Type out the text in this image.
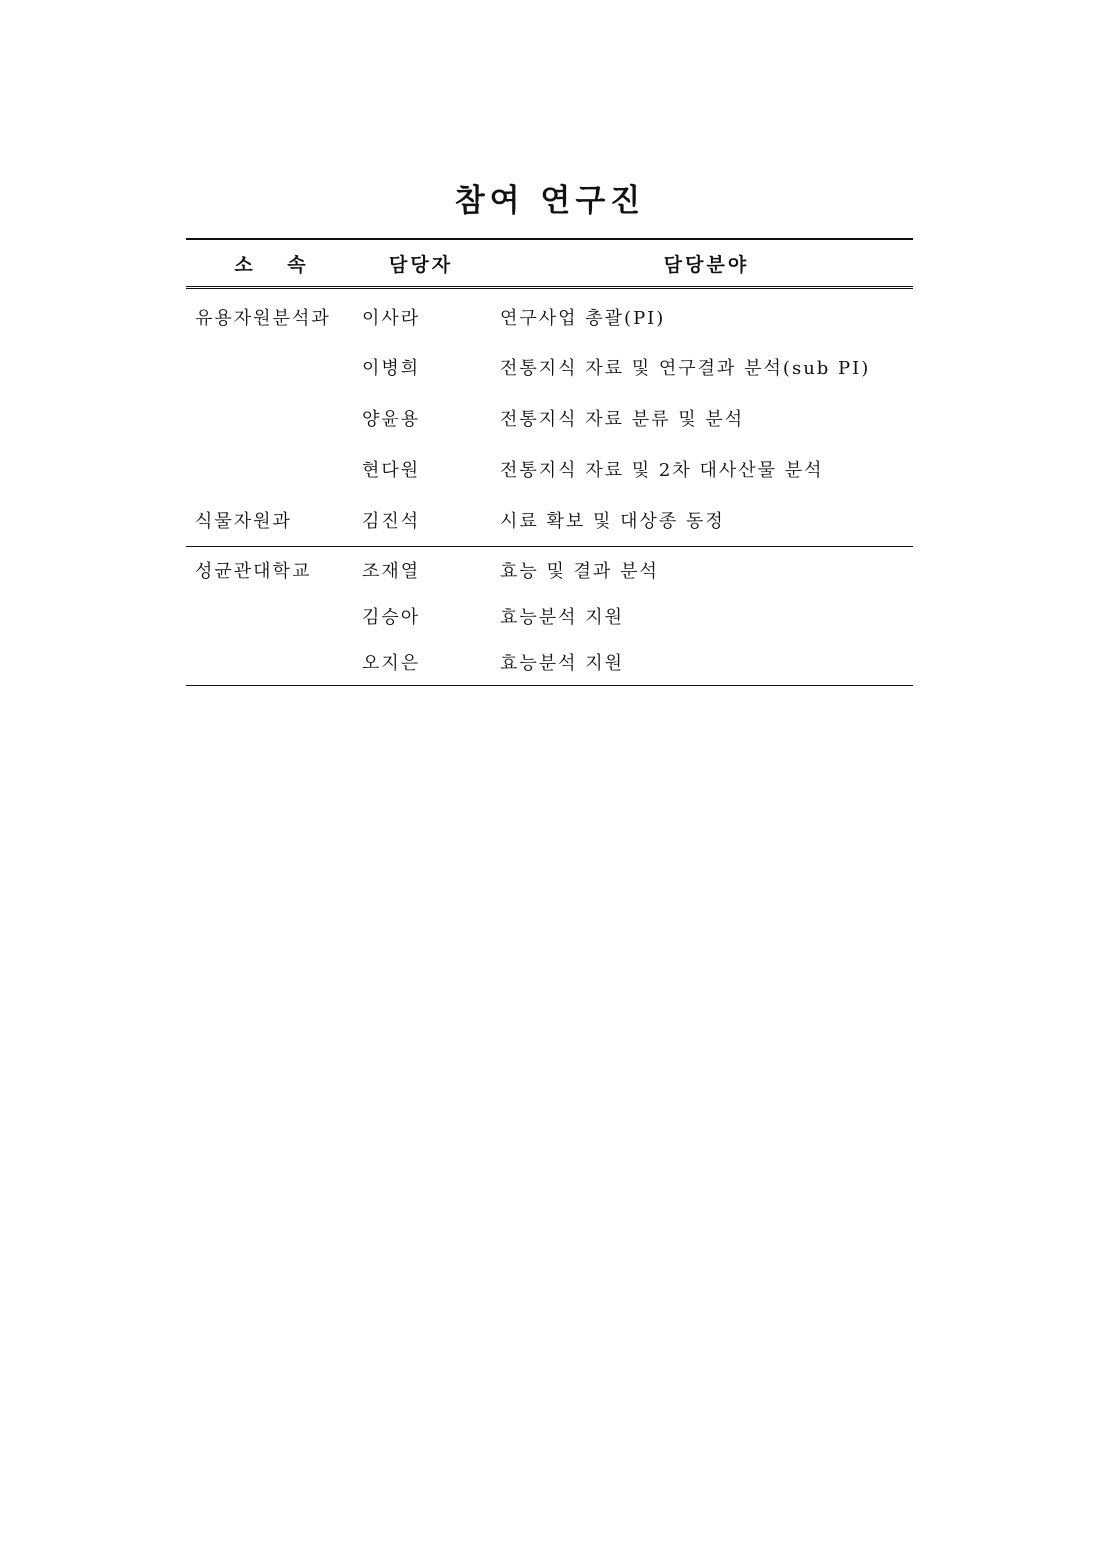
참여 연구진
소 속	담당자	담당분야
유용자원분석과	이사라	연구사업 총괄(PI)
	이병희	전통지식 자료 및 연구결과 분석(sub PI)
	양윤용	전통지식 자료 분류 및 분석
	현다원	전통지식 자료 및 2차 대사산물 분석
식물자원과	김진석	시료 확보 및 대상종 동정
성균관대학교	조재열	효능 및 결과 분석
	김승아	효능분석 지원
	오지은	효능분석 지원
